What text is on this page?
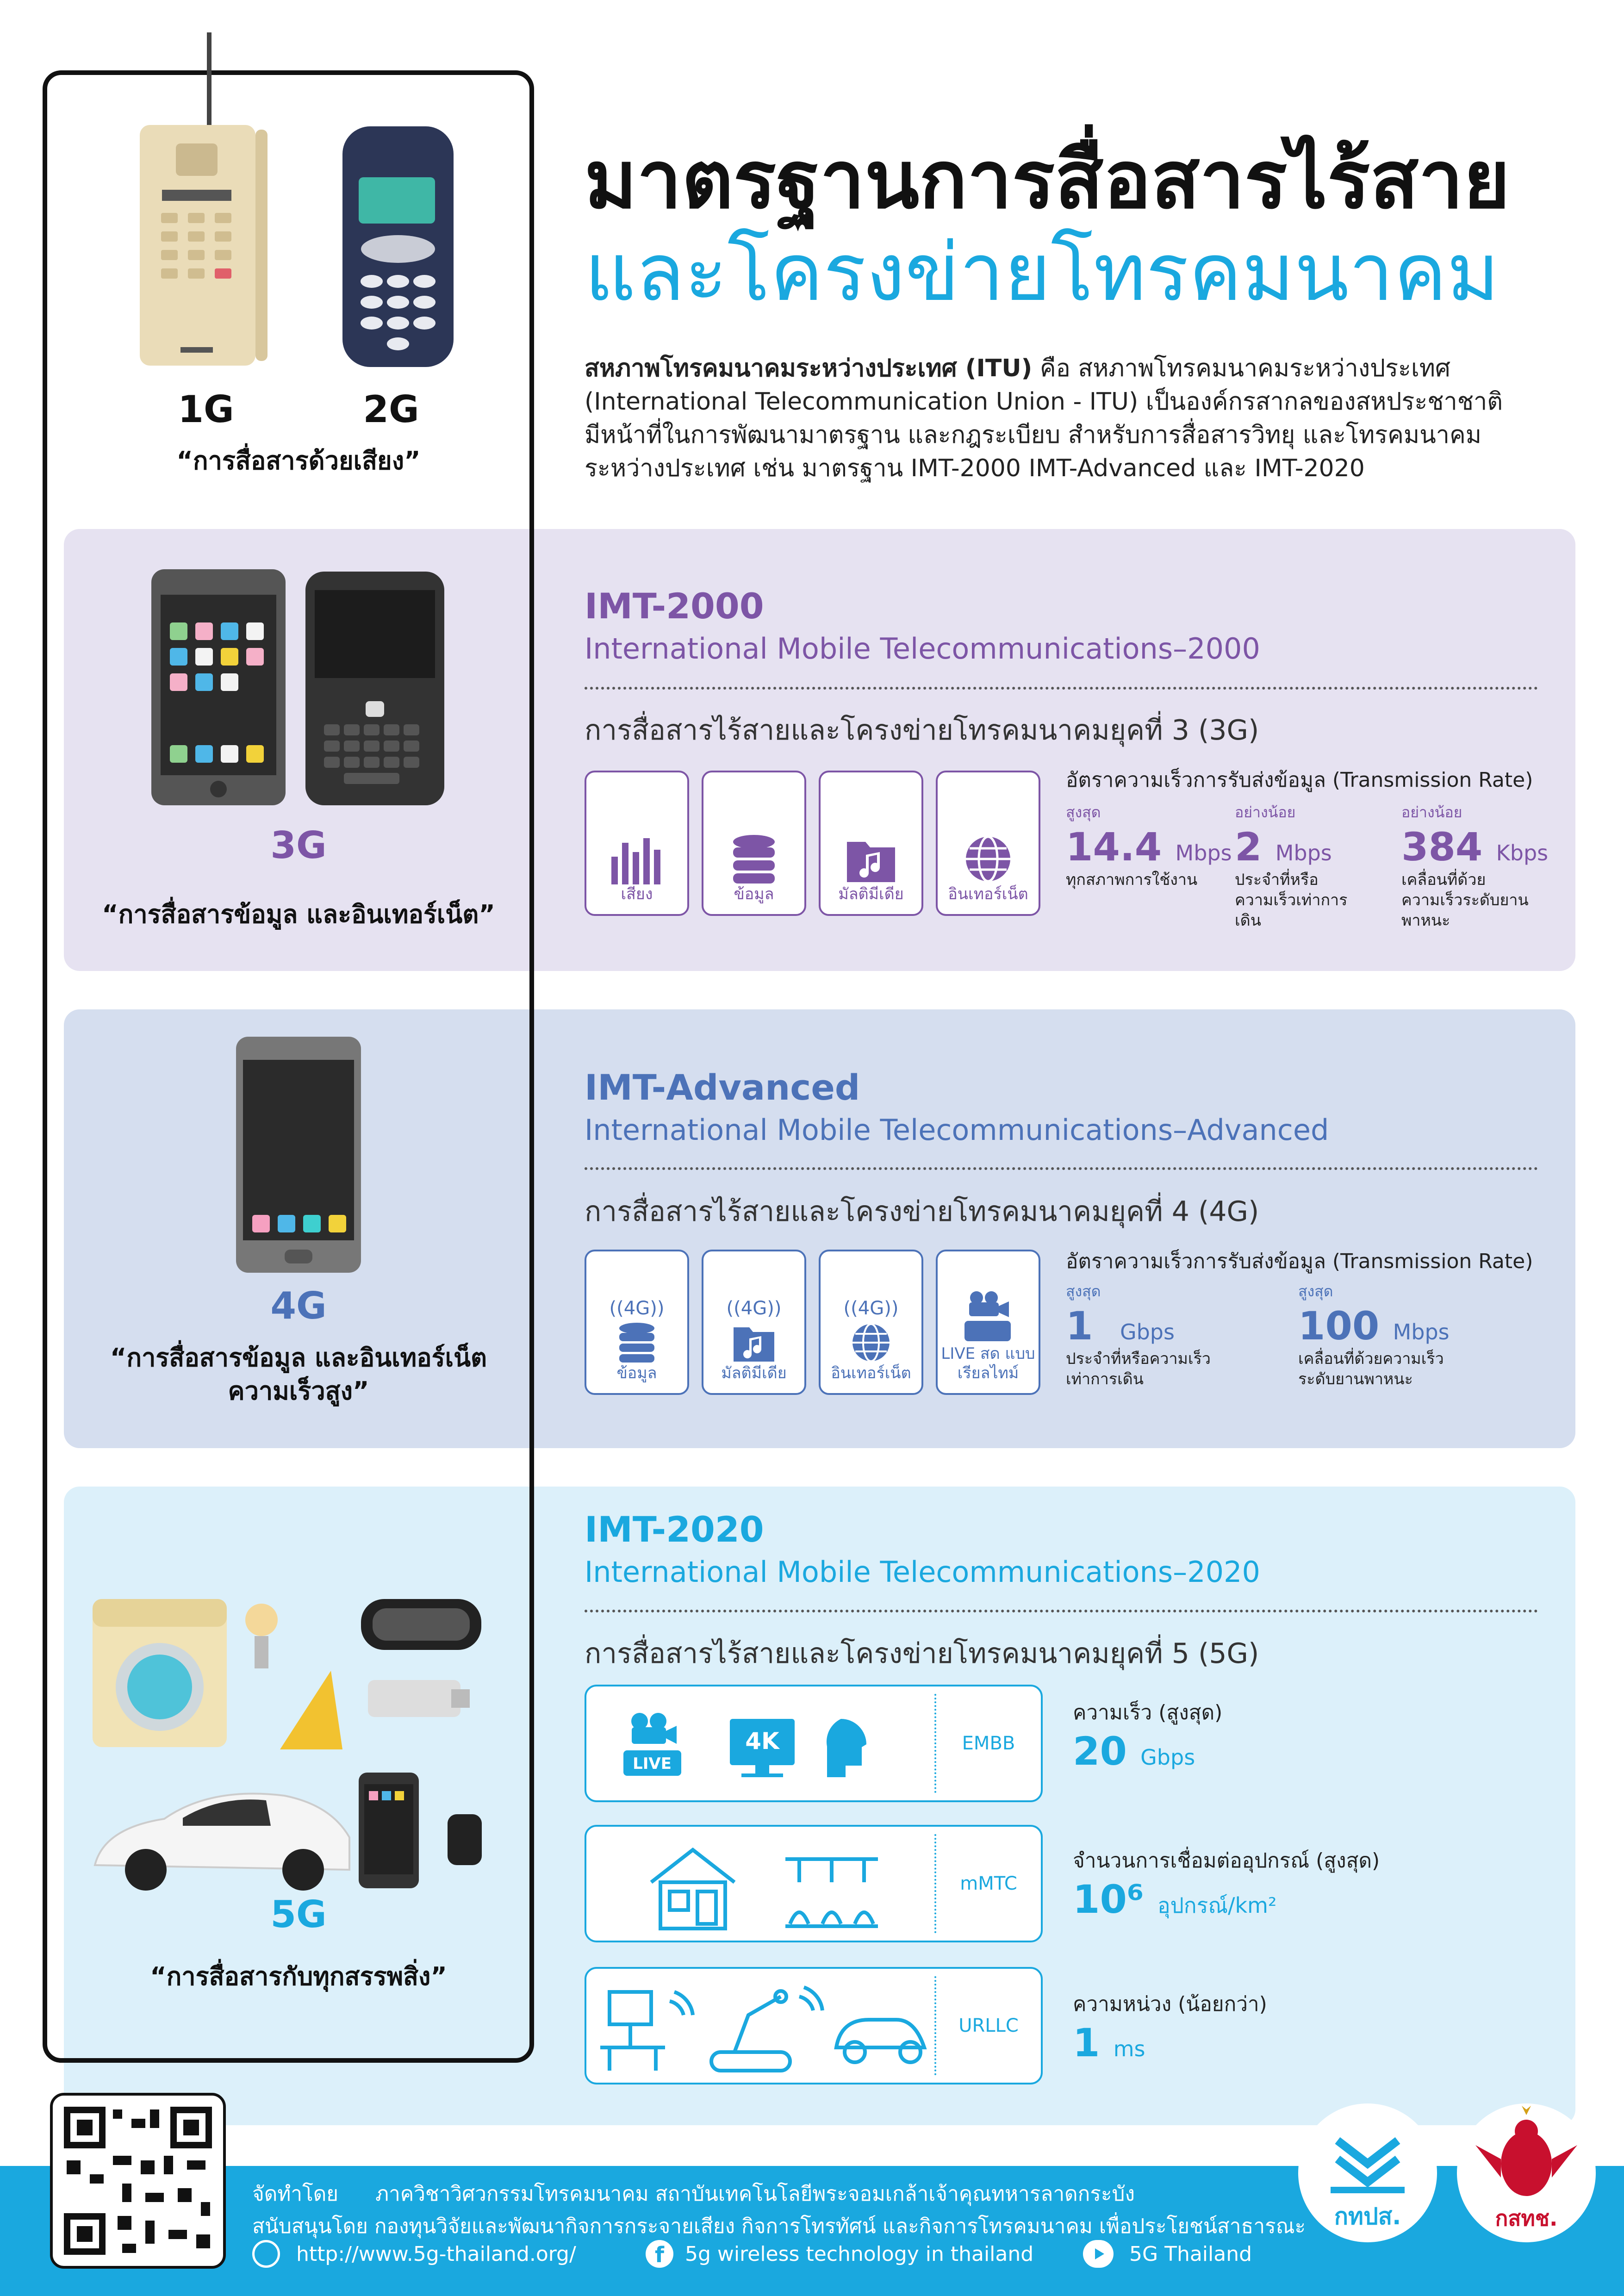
มาตรฐานการสื่อสารไร้สาย
และโครงข่ายโทรคมนาคม
สหภาพโทรคมนาคมระหว่างประเทศ (ITU) คือ สหภาพโทรคมนาคมระหว่างประเทศ (International Telecommunication Union - ITU) เป็นองค์กรสากลของสหประชาชาติ มีหน้าที่ในการพัฒนามาตรฐาน และกฎระเบียบ สำหรับการสื่อสารวิทยุ และโทรคมนาคมระหว่างประเทศ เช่น มาตรฐาน IMT-2000 IMT-Advanced และ IMT-2020
1G	2G
“การสื่อสารด้วยเสียง”
3G
“การสื่อสารข้อมูล และอินเทอร์เน็ต”
IMT-2000
International Mobile Telecommunications–2000
การสื่อสารไร้สายและโครงข่ายโทรคมนาคมยุคที่ 3 (3G)
เสียง	ข้อมูล	มัลติมีเดีย	อินเทอร์เน็ต
อัตราความเร็วการรับส่งข้อมูล (Transmission Rate)
สูงสุด
14.4 Mbps
ทุกสภาพการใช้งาน
อย่างน้อย
2 Mbps
ประจำที่หรือความเร็วเท่าการเดิน
อย่างน้อย
384 Kbps
เคลื่อนที่ด้วยความเร็วระดับยานพาหนะ
4G
“การสื่อสารข้อมูล และอินเทอร์เน็ต
ความเร็วสูง”
IMT-Advanced
International Mobile Telecommunications–Advanced
การสื่อสารไร้สายและโครงข่ายโทรคมนาคมยุคที่ 4 (4G)
((4G))
ข้อมูล
((4G))
มัลติมีเดีย
((4G))
อินเทอร์เน็ต
LIVE สด แบบเรียลไทม์
อัตราความเร็วการรับส่งข้อมูล (Transmission Rate)
สูงสุด
1 Gbps
ประจำที่หรือความเร็วเท่าการเดิน
สูงสุด
100 Mbps
เคลื่อนที่ด้วยความเร็วระดับยานพาหนะ
5G
“การสื่อสารกับทุกสรรพสิ่ง”
IMT-2020
International Mobile Telecommunications–2020
การสื่อสารไร้สายและโครงข่ายโทรคมนาคมยุคที่ 5 (5G)
LIVE
4K	EMBB
mMTC
URLLC
ความเร็ว (สูงสุด)
20 Gbps
จำนวนการเชื่อมต่ออุปกรณ์ (สูงสุด)
10⁶ อุปกรณ์/km²
ความหน่วง (น้อยกว่า)
1 ms
จัดทำโดย ภาควิชาวิศวกรรมโทรคมนาคม สถาบันเทคโนโลยีพระจอมเกล้าเจ้าคุณทหารลาดกระบัง
สนับสนุนโดย กองทุนวิจัยและพัฒนากิจการกระจายเสียง กิจการโทรทัศน์ และกิจการโทรคมนาคม เพื่อประโยชน์สาธารณะ
http://www.5g-thailand.org/	f	5g wireless technology in thailand	5G Thailand
กทปส.	กสทช.
